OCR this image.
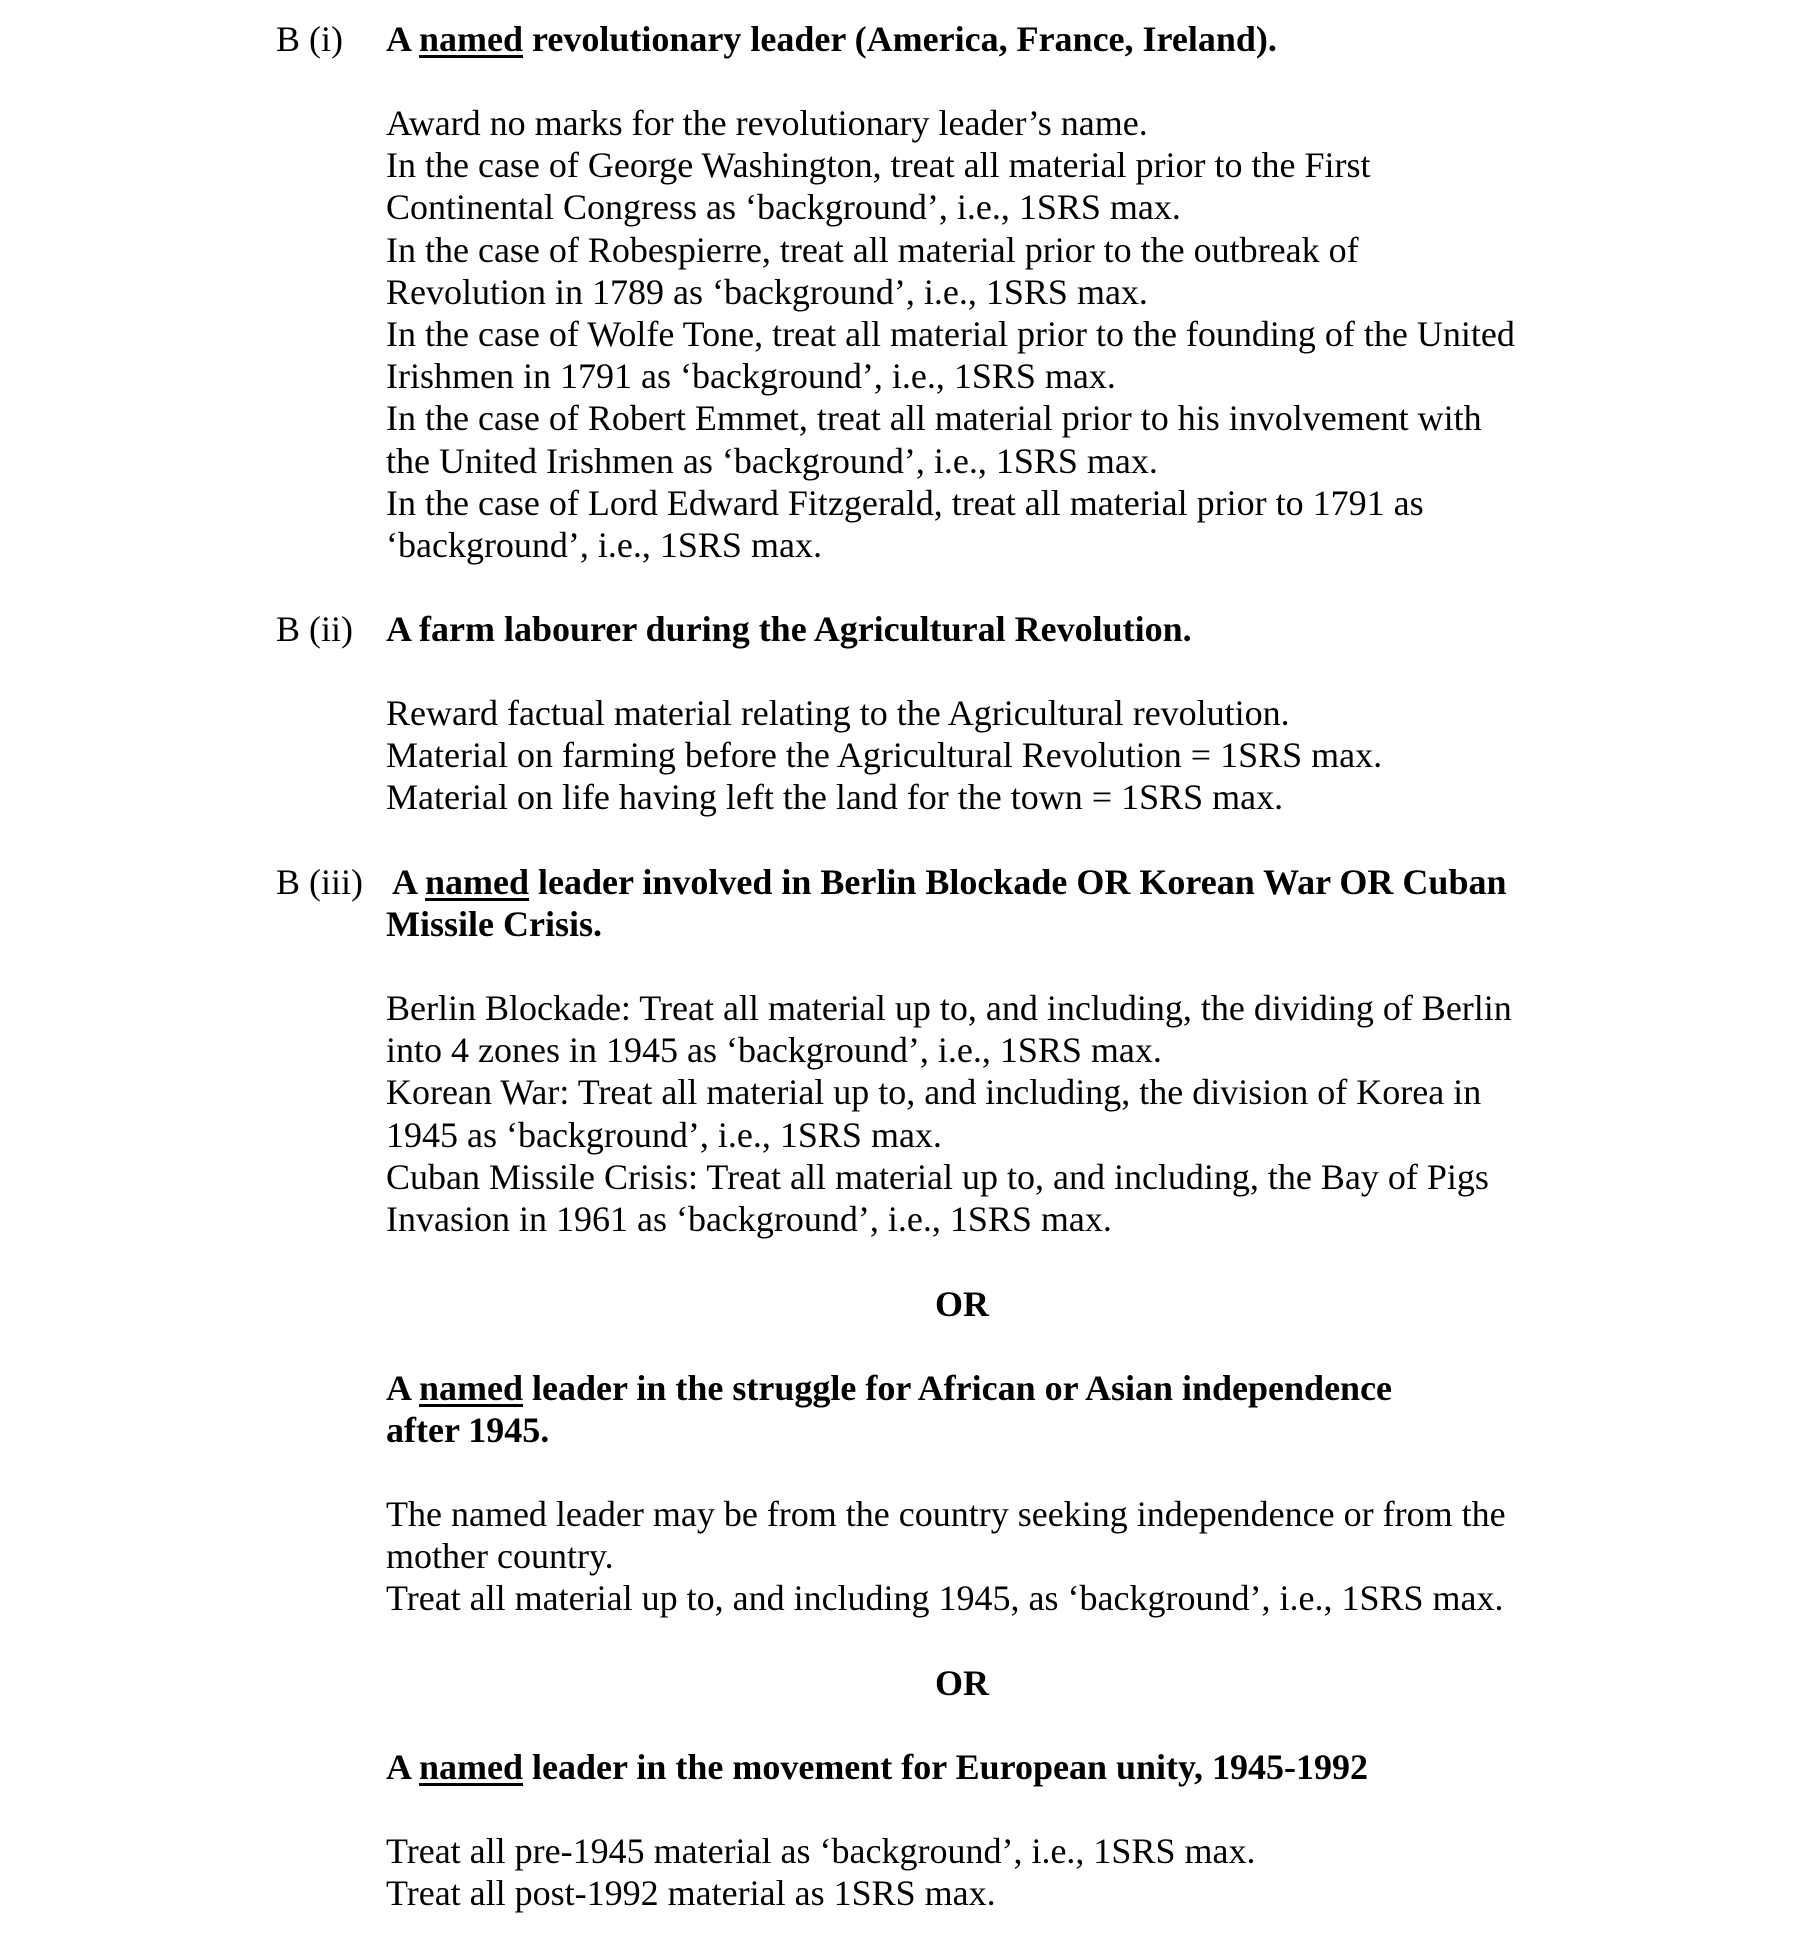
B (i) A named revolutionary leader (America, France, Ireland).
Award no marks for the revolutionary leader’s name.
In the case of George Washington, treat all material prior to the First
Continental Congress as ‘background’, i.e., 1SRS max.
In the case of Robespierre, treat all material prior to the outbreak of
Revolution in 1789 as ‘background’, i.e., 1SRS max.
In the case of Wolfe Tone, treat all material prior to the founding of the United
Irishmen in 1791 as ‘background’, i.e., 1SRS max.
In the case of Robert Emmet, treat all material prior to his involvement with
the United Irishmen as ‘background’, i.e., 1SRS max.
In the case of Lord Edward Fitzgerald, treat all material prior to 1791 as
‘background’, i.e., 1SRS max.
B (ii) A farm labourer during the Agricultural Revolution.
Reward factual material relating to the Agricultural revolution.
Material on farming before the Agricultural Revolution = 1SRS max.
Material on life having left the land for the town = 1SRS max.
B (iii) A named leader involved in Berlin Blockade OR Korean War OR Cuban
Missile Crisis.
Berlin Blockade: Treat all material up to, and including, the dividing of Berlin
into 4 zones in 1945 as ‘background’, i.e., 1SRS max.
Korean War: Treat all material up to, and including, the division of Korea in
1945 as ‘background’, i.e., 1SRS max.
Cuban Missile Crisis: Treat all material up to, and including, the Bay of Pigs
Invasion in 1961 as ‘background’, i.e., 1SRS max.
OR
A named leader in the struggle for African or Asian independence
after 1945.
The named leader may be from the country seeking independence or from the
mother country.
Treat all material up to, and including 1945, as ‘background’, i.e., 1SRS max.
OR
A named leader in the movement for European unity, 1945-1992
Treat all pre-1945 material as ‘background’, i.e., 1SRS max.
Treat all post-1992 material as 1SRS max.
